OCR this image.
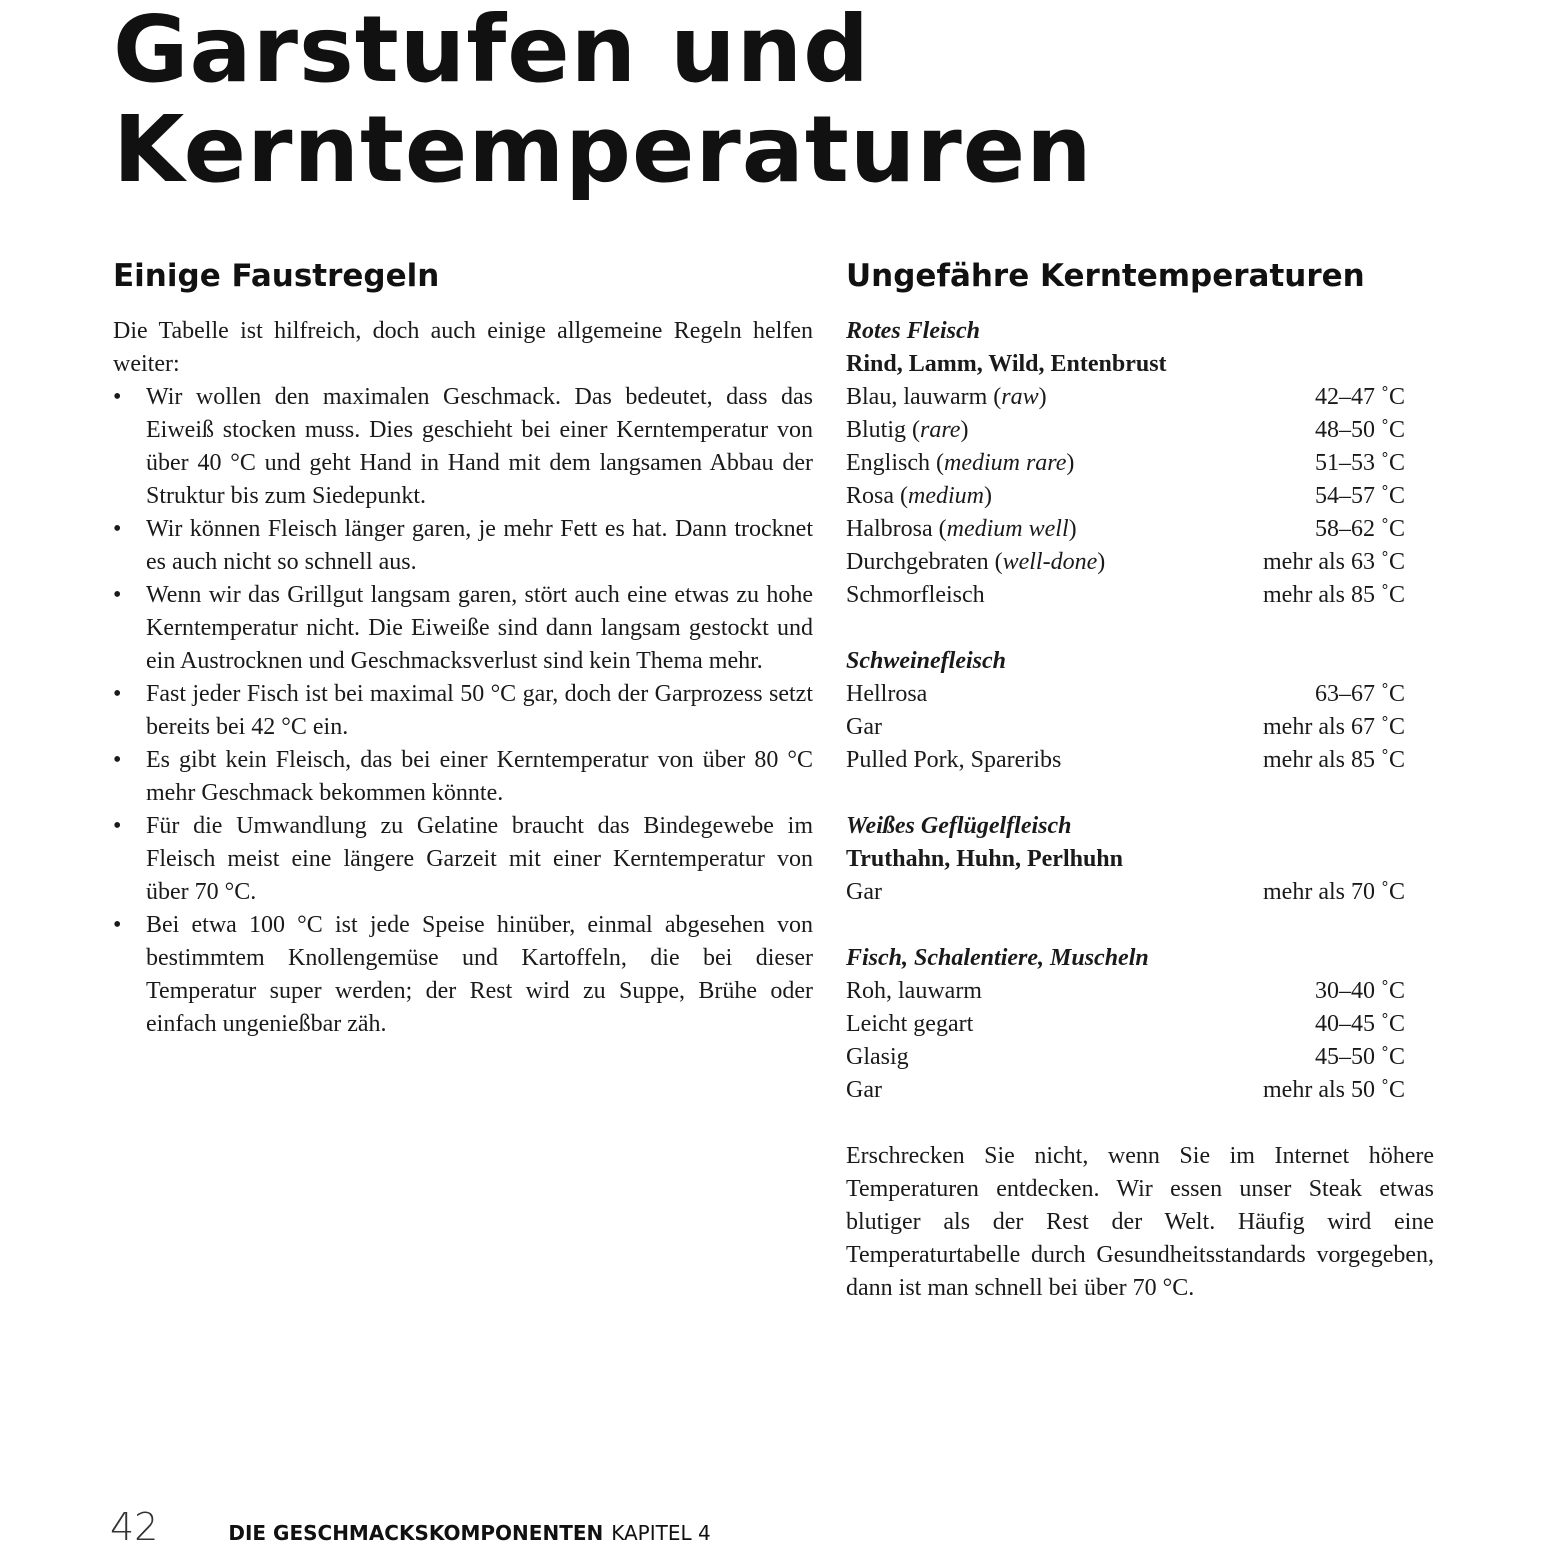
Garstufen und
Kerntemperaturen
Einige Faustregeln

Die Tabelle ist hilfreich, doch auch einige allgemeine Regeln helfen weiter:

• Wir wollen den maximalen Geschmack. Das bedeutet, dass das Eiweiß stocken muss. Dies geschieht bei einer Kerntemperatur von über 40 °C und geht Hand in Hand mit dem langsamen Abbau der Struktur bis zum Siedepunkt.
• Wir können Fleisch länger garen, je mehr Fett es hat. Dann trocknet es auch nicht so schnell aus.
• Wenn wir das Grillgut langsam garen, stört auch eine etwas zu hohe Kerntemperatur nicht. Die Eiweiße sind dann langsam gestockt und ein Austrocknen und Geschmacksverlust sind kein Thema mehr.
• Fast jeder Fisch ist bei maximal 50 °C gar, doch der Garprozess setzt bereits bei 42 °C ein.
• Es gibt kein Fleisch, das bei einer Kerntemperatur von über 80 °C mehr Geschmack bekommen könnte.
• Für die Umwandlung zu Gelatine braucht das Bindegewebe im Fleisch meist eine längere Garzeit mit einer Kerntemperatur von über 70 °C.
• Bei etwa 100 °C ist jede Speise hinüber, einmal abgesehen von bestimmtem Knollengemüse und Kartoffeln, die bei dieser Temperatur super werden; der Rest wird zu Suppe, Brühe oder einfach ungenießbar zäh.
Ungefähre Kerntemperaturen
Rotes Fleisch
Rind, Lamm, Wild, Entenbrust
Blau, lauwarm (raw)	42–47 ˚C
Blutig (rare)	48–50 ˚C
Englisch (medium rare)	51–53 ˚C
Rosa (medium)	54–57 ˚C
Halbrosa (medium well)	58–62 ˚C
Durchgebraten (well-done)	mehr als 63 ˚C
Schmorfleisch	mehr als 85 ˚C
Schweinefleisch
Hellrosa	63–67 ˚C
Gar	mehr als 67 ˚C
Pulled Pork, Spareribs	mehr als 85 ˚C
Weißes Geflügelfleisch
Truthahn, Huhn, Perlhuhn
Gar	mehr als 70 ˚C
Fisch, Schalentiere, Muscheln
Roh, lauwarm	30–40 ˚C
Leicht gegart	40–45 ˚C
Glasig	45–50 ˚C
Gar	mehr als 50 ˚C

Erschrecken Sie nicht, wenn Sie im Internet höhere Temperaturen entdecken. Wir essen unser Steak etwas blutiger als der Rest der Welt. Häufig wird eine Temperaturtabelle durch Gesundheitsstandards vorgegeben, dann ist man schnell bei über 70 °C.

42	DIE GESCHMACKSKOMPONENTEN KAPITEL 4
